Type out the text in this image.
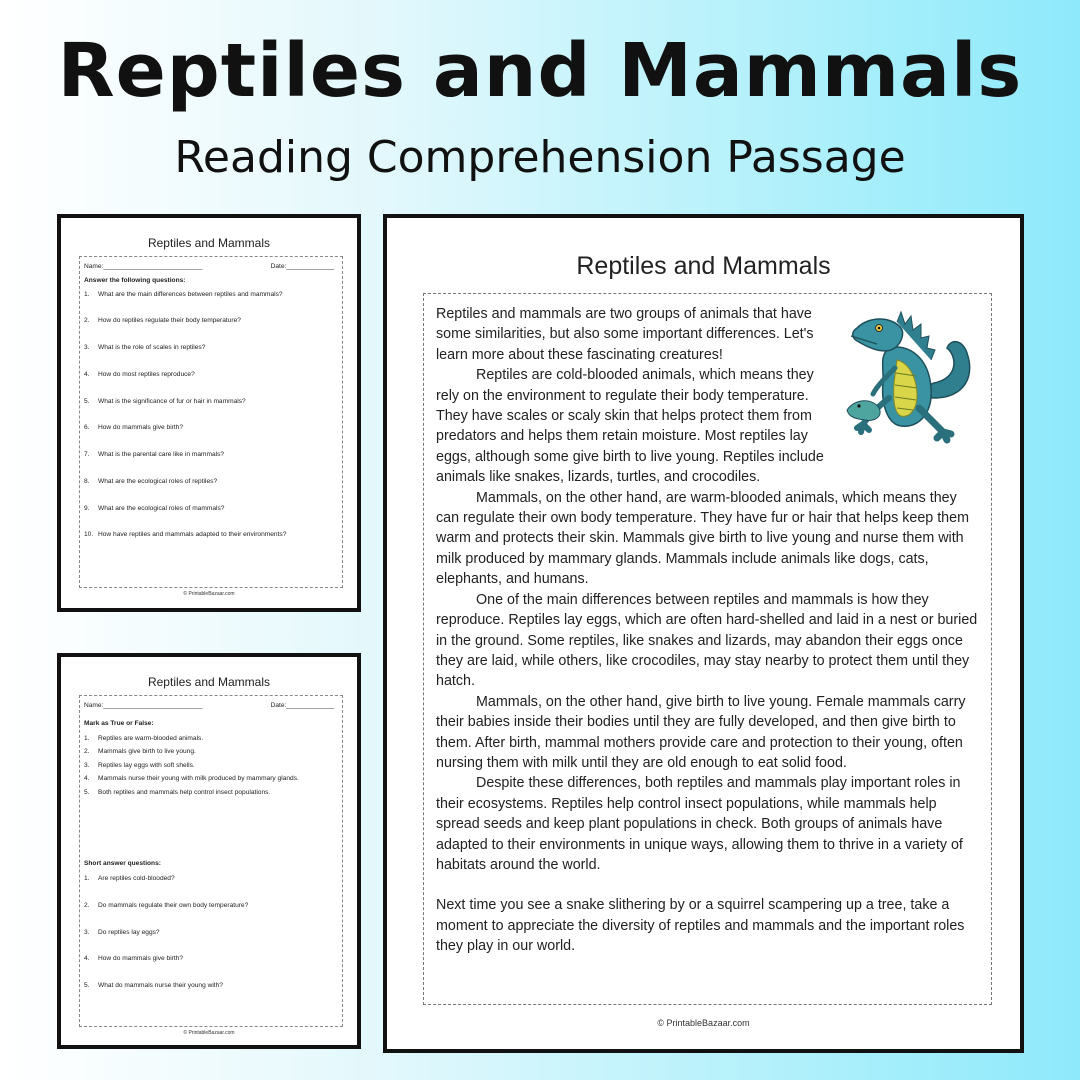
Reptiles and Mammals
Reading Comprehension Passage
Reptiles and Mammals
Name:___________________________	Date:_____________
Answer the following questions:
1. What are the main differences between reptiles and mammals?
2. How do reptiles regulate their body temperature?
3. What is the role of scales in reptiles?
4. How do most reptiles reproduce?
5. What is the significance of fur or hair in mammals?
6. How do mammals give birth?
7. What is the parental care like in mammals?
8. What are the ecological roles of reptiles?
9. What are the ecological roles of mammals?
10. How have reptiles and mammals adapted to their environments?
© PrintableBazaar.com
Reptiles and Mammals
Name:___________________________	Date:_____________
Mark as True or False:
1. Reptiles are warm-blooded animals.
2. Mammals give birth to live young.
3. Reptiles lay eggs with soft shells.
4. Mammals nurse their young with milk produced by mammary glands.
5. Both reptiles and mammals help control insect populations.
Short answer questions:
1. Are reptiles cold-blooded?
2. Do mammals regulate their own body temperature?
3. Do reptiles lay eggs?
4. How do mammals give birth?
5. What do mammals nurse their young with?
© PrintableBazaar.com
Reptiles and Mammals

Reptiles and mammals are two groups of animals that have some similarities, but also some important differences. Let's learn more about these fascinating creatures!

Reptiles are cold-blooded animals, which means they rely on the environment to regulate their body temperature. They have scales or scaly skin that helps protect them from predators and helps them retain moisture. Most reptiles lay eggs, although some give birth to live young. Reptiles include animals like snakes, lizards, turtles, and crocodiles.

Mammals, on the other hand, are warm-blooded animals, which means they can regulate their own body temperature. They have fur or hair that helps keep them warm and protects their skin. Mammals give birth to live young and nurse them with milk produced by mammary glands. Mammals include animals like dogs, cats, elephants, and humans.

One of the main differences between reptiles and mammals is how they reproduce. Reptiles lay eggs, which are often hard-shelled and laid in a nest or buried in the ground. Some reptiles, like snakes and lizards, may abandon their eggs once they are laid, while others, like crocodiles, may stay nearby to protect them until they hatch.

Mammals, on the other hand, give birth to live young. Female mammals carry their babies inside their bodies until they are fully developed, and then give birth to them. After birth, mammal mothers provide care and protection to their young, often nursing them with milk until they are old enough to eat solid food.

Despite these differences, both reptiles and mammals play important roles in their ecosystems. Reptiles help control insect populations, while mammals help spread seeds and keep plant populations in check. Both groups of animals have adapted to their environments in unique ways, allowing them to thrive in a variety of habitats around the world.

Next time you see a snake slithering by or a squirrel scampering up a tree, take a moment to appreciate the diversity of reptiles and mammals and the important roles they play in our world.

© PrintableBazaar.com
